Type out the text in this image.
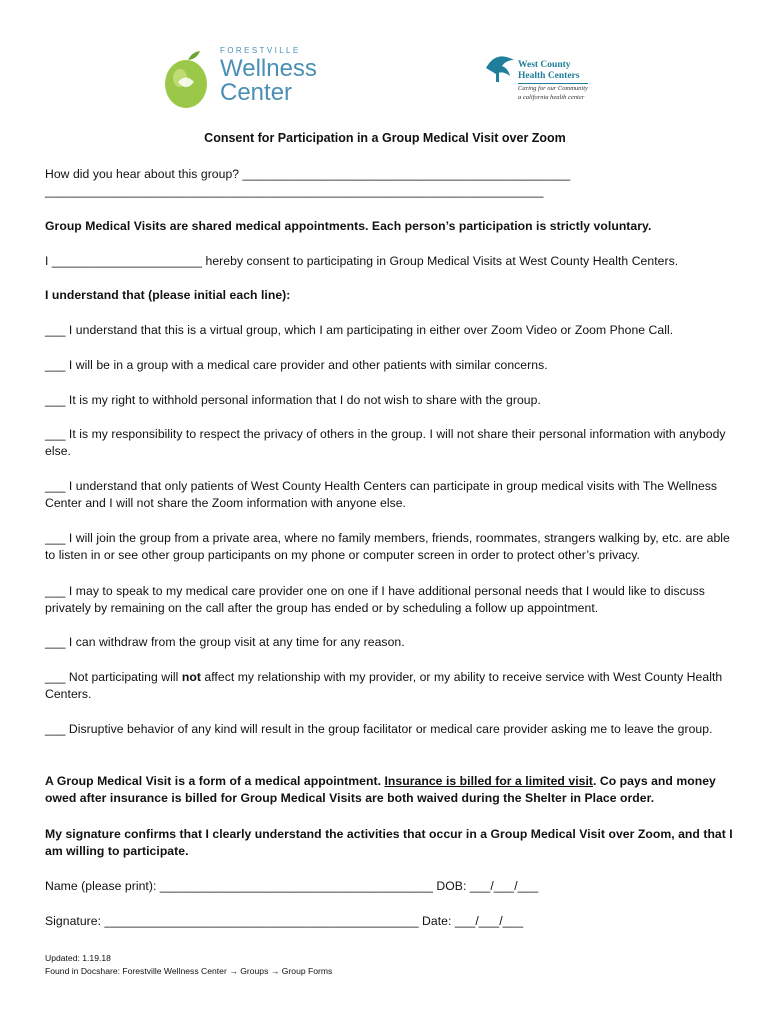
FORESTVILLE
Wellness
Center
West County
Health Centers
Caring for our Community
a california health center
Consent for Participation in a Group Medical Visit over Zoom
How did you hear about this group? ________________________________________________
_________________________________________________________________________
Group Medical Visits are shared medical appointments. Each person’s participation is strictly voluntary.
I ______________________ hereby consent to participating in Group Medical Visits at West County Health Centers.
I understand that (please initial each line):
___ I understand that this is a virtual group, which I am participating in either over Zoom Video or Zoom Phone Call.
___ I will be in a group with a medical care provider and other patients with similar concerns.
___ It is my right to withhold personal information that I do not wish to share with the group.
___ It is my responsibility to respect the privacy of others in the group. I will not share their personal information with anybody else.
___ I understand that only patients of West County Health Centers can participate in group medical visits with The Wellness Center and I will not share the Zoom information with anyone else.
___ I will join the group from a private area, where no family members, friends, roommates, strangers walking by, etc. are able to listen in or see other group participants on my phone or computer screen in order to protect other’s privacy.
___ I may to speak to my medical care provider one on one if I have additional personal needs that I would like to discuss privately by remaining on the call after the group has ended or by scheduling a follow up appointment.
___ I can withdraw from the group visit at any time for any reason.
___ Not participating will not affect my relationship with my provider, or my ability to receive service with West County Health Centers.
___ Disruptive behavior of any kind will result in the group facilitator or medical care provider asking me to leave the group.
A Group Medical Visit is a form of a medical appointment. Insurance is billed for a limited visit. Co pays and money owed after insurance is billed for Group Medical Visits are both waived during the Shelter in Place order.
My signature confirms that I clearly understand the activities that occur in a Group Medical Visit over Zoom, and that I am willing to participate.
Name (please print): ________________________________________ DOB: ___/___/___
Signature: ______________________________________________ Date: ___/___/___
Updated: 1.19.18
Found in Docshare: Forestville Wellness Center → Groups → Group Forms
